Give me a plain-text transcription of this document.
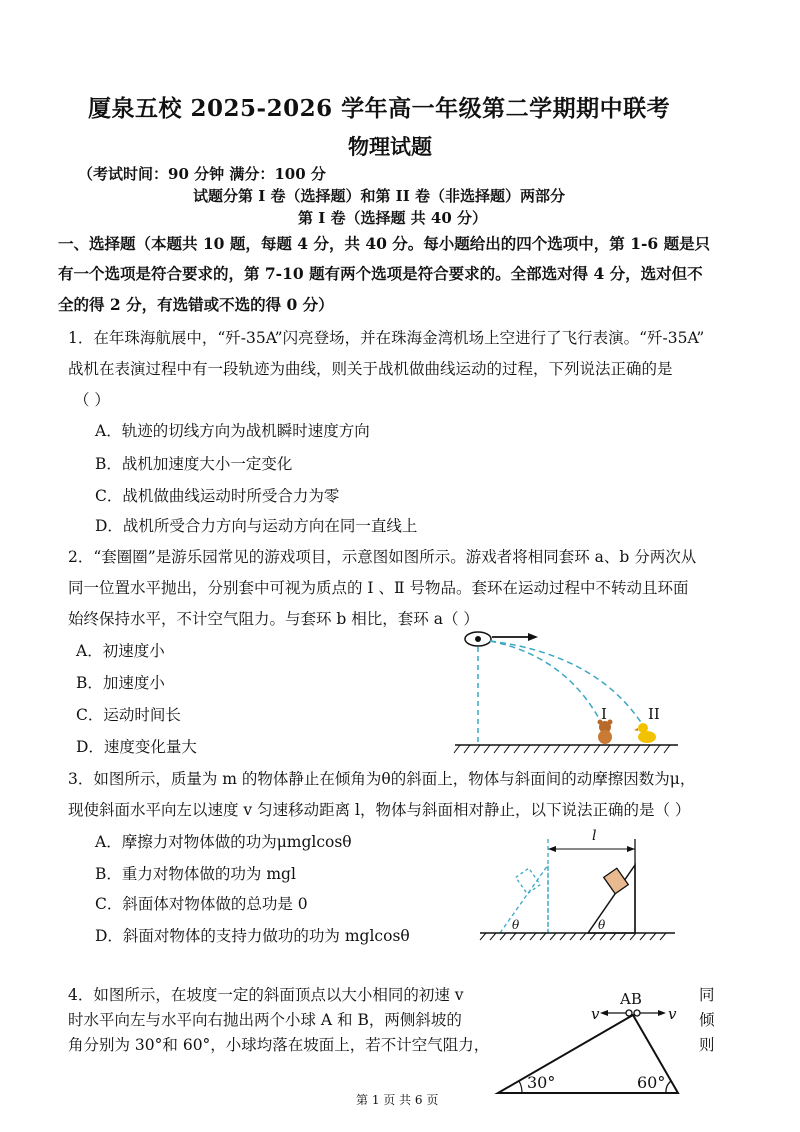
厦泉五校 2025-2026 学年高一年级第二学期期中联考
物理试题
（考试时间：90 分钟 满分：100 分
试题分第 I 卷（选择题）和第 II 卷（非选择题）两部分
第 I 卷（选择题 共 40 分）
一、选择题（本题共 10 题，每题 4 分，共 40 分。每小题给出的四个选项中，第 1-6 题是只
有一个选项是符合要求的，第 7-10 题有两个选项是符合要求的。全部选对得 4 分，选对但不
全的得 2 分，有选错或不选的得 0 分）
1．在年珠海航展中，“歼-35A”闪亮登场，并在珠海金湾机场上空进行了飞行表演。“歼-35A”
战机在表演过程中有一段轨迹为曲线，则关于战机做曲线运动的过程，下列说法正确的是
（ ）
A．轨迹的切线方向为战机瞬时速度方向
B．战机加速度大小一定变化
C．战机做曲线运动时所受合力为零
D．战机所受合力方向与运动方向在同一直线上
2．“套圈圈”是游乐园常见的游戏项目，示意图如图所示。游戏者将相同套环 a、b 分两次从
同一位置水平抛出，分别套中可视为质点的 Ⅰ 、Ⅱ 号物品。套环在运动过程中不转动且环面
始终保持水平，不计空气阻力。与套环 b 相比，套环 a（ ）
A．初速度小
B．加速度小
C．运动时间长
D．速度变化量大
I	II
3．如图所示，质量为 m 的物体静止在倾角为θ的斜面上，物体与斜面间的动摩擦因数为μ，
现使斜面水平向左以速度 v 匀速移动距离 l，物体与斜面相对静止，以下说法正确的是（ ）
A．摩擦力对物体做的功为μmglcosθ
B．重力对物体做的功为 mgl
C．斜面体对物体做的总功是 0
D．斜面对物体的支持力做功的功为 mglcosθ
l
θ	θ
4．如图所示，在坡度一定的斜面顶点以大小相同的初速 v	同
时水平向左与水平向右抛出两个小球 A 和 B，两侧斜坡的	倾
角分别为 30°和 60°，小球均落在坡面上，若不计空气阻力，	则
AB
v	v
30°	60°
第 1 页 共 6 页
